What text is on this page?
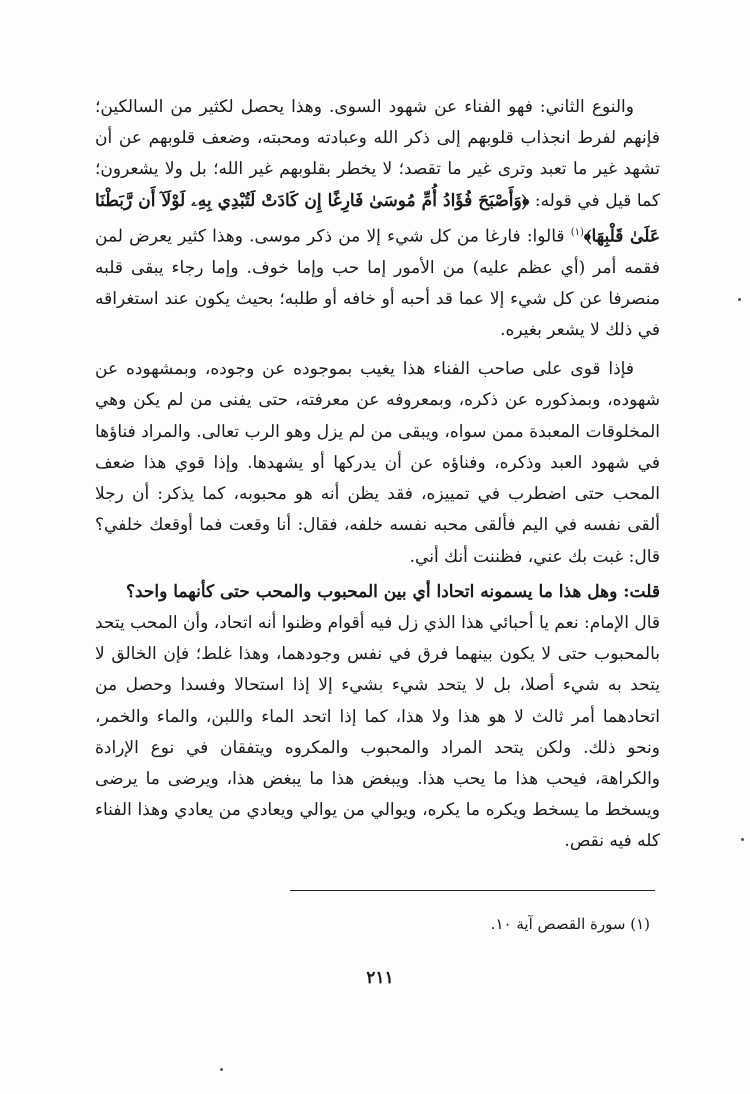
والنوع الثاني: فهو الفناء عن شهود السوى. وهذا يحصل لكثير من السالكين؛ فإنهم لفرط انجذاب قلوبهم إلى ذكر الله وعبادته ومحبته، وضعف قلوبهم عن أن تشهد غير ما تعبد وترى غير ما تقصد؛ لا يخطر بقلوبهم غير الله؛ بل ولا يشعرون؛ كما قيل في قوله: ﴿وَأَصْبَحَ فُؤَادُ أُمِّ مُوسَىٰ فَارِغًا إِن كَادَتْ لَتُبْدِي بِهِۦ لَوْلَآ أَن رَّبَطْنَا عَلَىٰ قَلْبِهَا﴾$^{(١)}$ قالوا: فارغا من كل شيء إلا من ذكر موسى. وهذا كثير يعرض لمن فقمه أمر (أي عظم عليه) من الأمور إما حب وإما خوف. وإما رجاء يبقى قلبه منصرفا عن كل شيء إلا عما قد أحبه أو خافه أو طلبه؛ بحيث يكون عند استغراقه في ذلك لا يشعر بغيره.

فإذا قوى على صاحب الفناء هذا يغيب بموجوده عن وجوده، وبمشهوده عن شهوده، وبمذكوره عن ذكره، وبمعروفه عن معرفته، حتى يفنى من لم يكن وهي المخلوقات المعبدة ممن سواه، ويبقى من لم يزل وهو الرب تعالى. والمراد فناؤها في شهود العبد وذكره، وفناؤه عن أن يدركها أو يشهدها. وإذا قوي هذا ضعف المحب حتى اضطرب في تمييزه، فقد يظن أنه هو محبوبه، كما يذكر: أن رجلا ألقى نفسه في اليم فألقى محبه نفسه خلفه، فقال: أنا وقعت فما أوقعك خلفي؟ قال: غبت بك عني، فظننت أنك أني.

قلت: وهل هذا ما يسمونه اتحادا أي بين المحبوب والمحب حتى كأنهما واحد؟

قال الإمام: نعم يا أحبائي هذا الذي زل فيه أقوام وظنوا أنه اتحاد، وأن المحب يتحد بالمحبوب حتى لا يكون بينهما فرق في نفس وجودهما، وهذا غلط؛ فإن الخالق لا يتحد به شيء أصلا، بل لا يتحد شيء بشيء إلا إذا استحالا وفسدا وحصل من اتحادهما أمر ثالث لا هو هذا ولا هذا، كما إذا اتحد الماء واللبن، والماء والخمر، ونحو ذلك. ولكن يتحد المراد والمحبوب والمكروه ويتفقان في نوع الإرادة والكراهة، فيحب هذا ما يحب هذا. ويبغض هذا ما يبغض هذا، ويرضى ما يرضى ويسخط ما يسخط ويكره ما يكره، ويوالي من يوالي ويعادي من يعادي وهذا الفناء كله فيه نقص.

(١) سورة القصص آية ١٠.
٢١١
